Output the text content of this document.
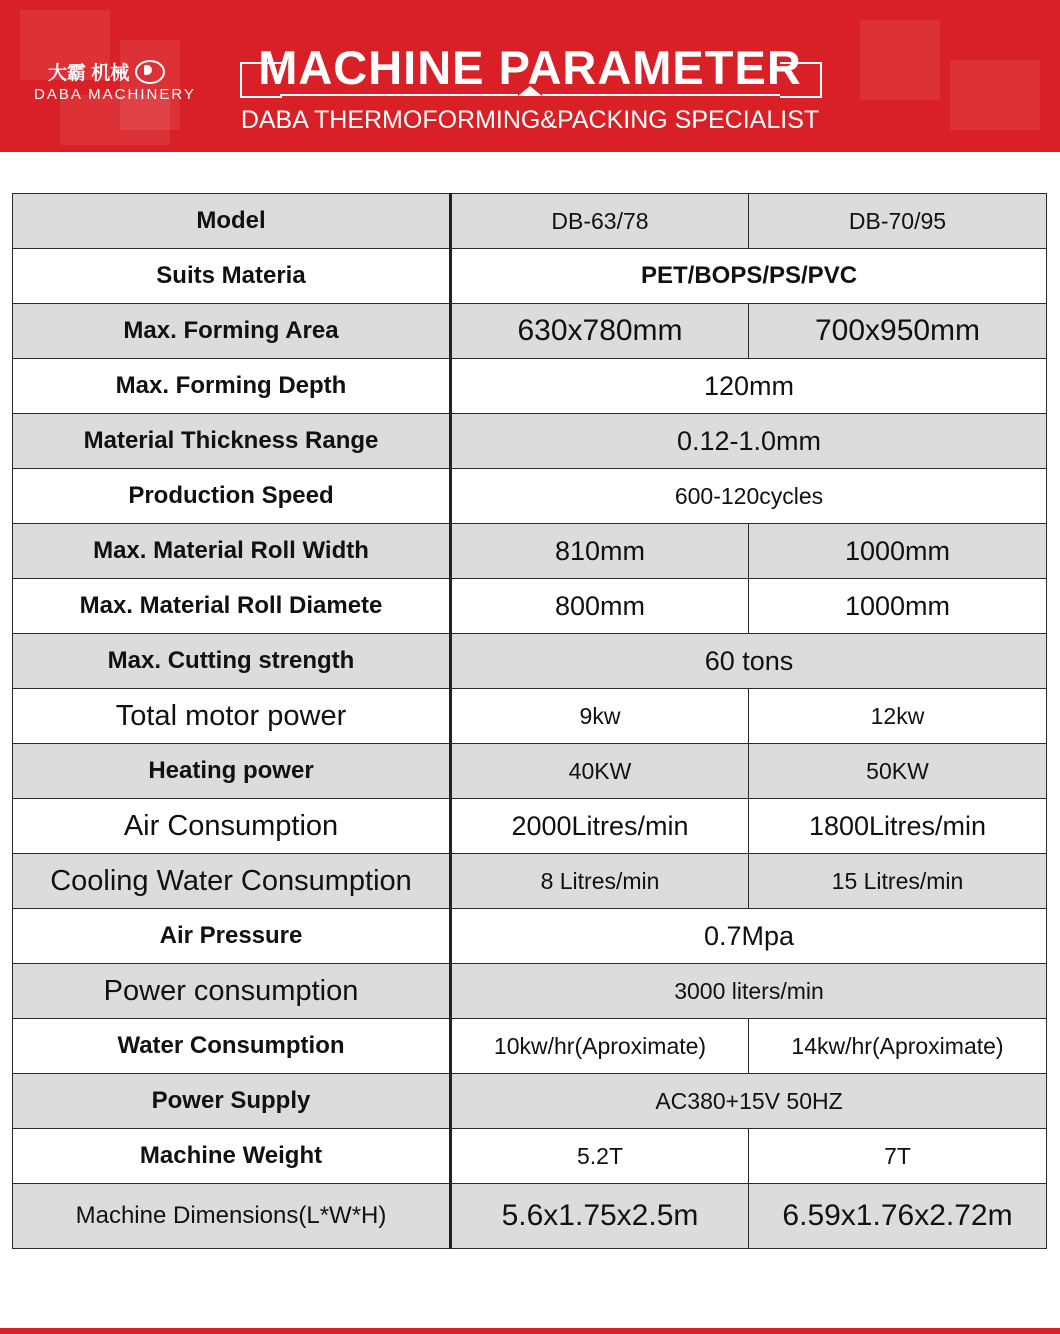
大霸 机械
DABA MACHINERY
MACHINE PARAMETER
DABA THERMOFORMING&PACKING SPECIALIST
Model	DB-63/78	DB-70/95
Suits Materia	PET/BOPS/PS/PVC	
Max. Forming Area	630x780mm	700x950mm
Max. Forming Depth	120mm	
Material Thickness Range	0.12-1.0mm	
Production Speed	600-120cycles	
Max. Material Roll Width	810mm	1000mm
Max. Material Roll Diamete	800mm	1000mm
Max. Cutting strength	60 tons	
Total motor power	9kw	12kw
Heating power	40KW	50KW
Air Consumption	2000Litres/min	1800Litres/min
Cooling Water Consumption	8 Litres/min	15 Litres/min
Air Pressure	0.7Mpa	
Power consumption	3000 liters/min	
Water Consumption	10kw/hr(Aproximate)	14kw/hr(Aproximate)
Power Supply	AC380+15V 50HZ	
Machine Weight	5.2T	7T
Machine Dimensions(L*W*H)	5.6x1.75x2.5m	6.59x1.76x2.72m
